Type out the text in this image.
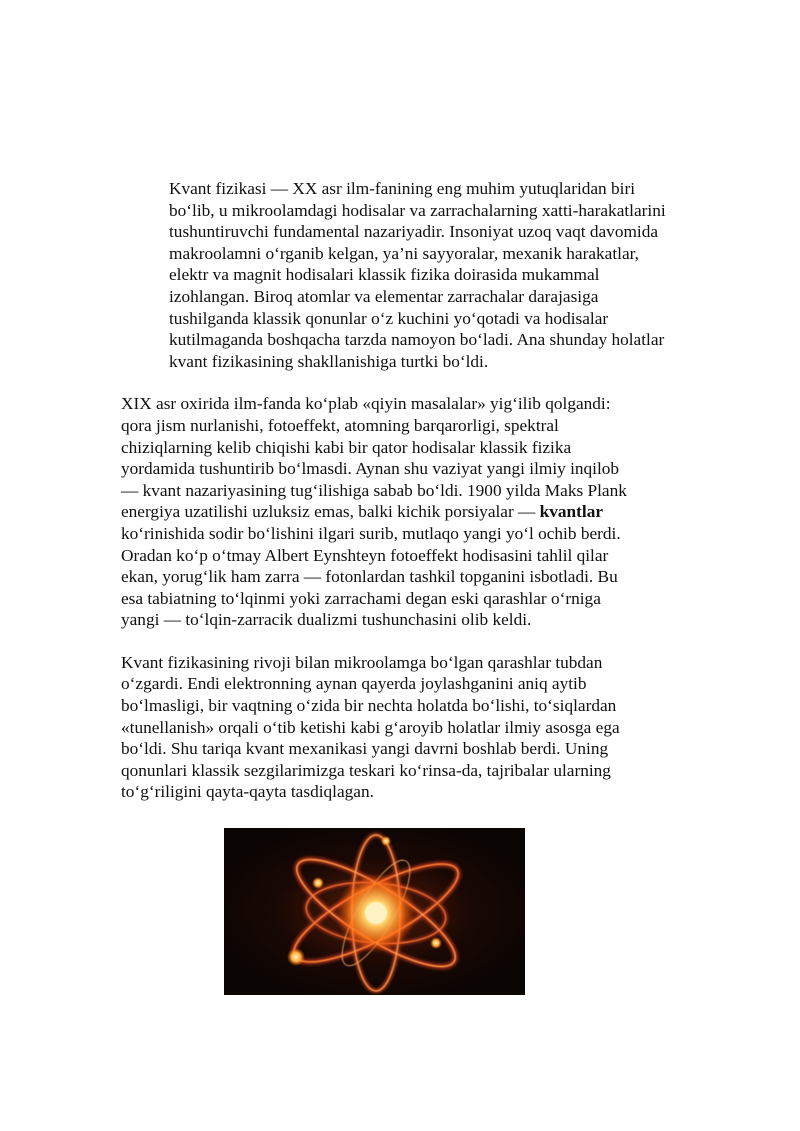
Kvant fizikasi — XX asr ilm-fanining eng muhim yutuqlaridan biri
boʻlib, u mikroolamdagi hodisalar va zarrachalarning xatti-harakatlarini
tushuntiruvchi fundamental nazariyadir. Insoniyat uzoq vaqt davomida
makroolamni oʻrganib kelgan, ya’ni sayyoralar, mexanik harakatlar,
elektr va magnit hodisalari klassik fizika doirasida mukammal
izohlangan. Biroq atomlar va elementar zarrachalar darajasiga
tushilganda klassik qonunlar oʻz kuchini yoʻqotadi va hodisalar
kutilmaganda boshqacha tarzda namoyon boʻladi. Ana shunday holatlar
kvant fizikasining shakllanishiga turtki boʻldi.

XIX asr oxirida ilm-fanda koʻplab «qiyin masalalar» yigʻilib qolgandi:
qora jism nurlanishi, fotoeffekt, atomning barqarorligi, spektral
chiziqlarning kelib chiqishi kabi bir qator hodisalar klassik fizika
yordamida tushuntirib boʻlmasdi. Aynan shu vaziyat yangi ilmiy inqilob
— kvant nazariyasining tugʻilishiga sabab boʻldi. 1900 yilda Maks Plank
energiya uzatilishi uzluksiz emas, balki kichik porsiyalar — kvantlar
koʻrinishida sodir boʻlishini ilgari surib, mutlaqo yangi yoʻl ochib berdi.
Oradan koʻp oʻtmay Albert Eynshteyn fotoeffekt hodisasini tahlil qilar
ekan, yorugʻlik ham zarra — fotonlardan tashkil topganini isbotladi. Bu
esa tabiatning toʻlqinmi yoki zarrachami degan eski qarashlar oʻrniga
yangi — toʻlqin-zarracik dualizmi tushunchasini olib keldi.

Kvant fizikasining rivoji bilan mikroolamga boʻlgan qarashlar tubdan
oʻzgardi. Endi elektronning aynan qayerda joylashganini aniq aytib
boʻlmasligi, bir vaqtning oʻzida bir nechta holatda boʻlishi, toʻsiqlardan
«tunellanish» orqali oʻtib ketishi kabi gʻaroyib holatlar ilmiy asosga ega
boʻldi. Shu tariqa kvant mexanikasi yangi davrni boshlab berdi. Uning
qonunlari klassik sezgilarimizga teskari koʻrinsa-da, tajribalar ularning
toʻgʻriligini qayta-qayta tasdiqlagan.
